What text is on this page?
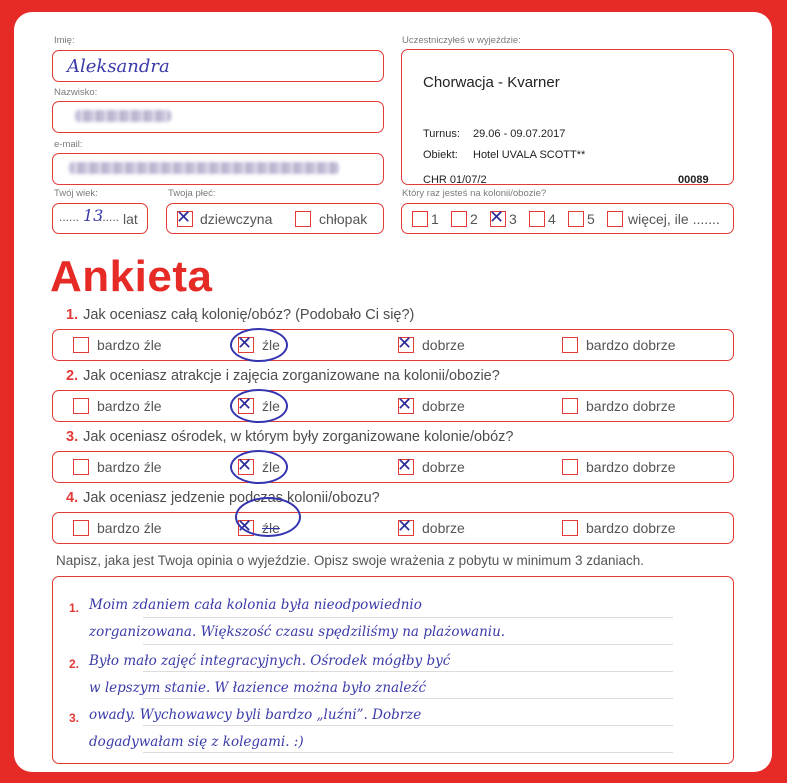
Imię:
Aleksandra
Nazwisko:
e-mail:
Uczestniczyłeś w wyjeździe:
Chorwacja - Kvarner
Turnus: 29.06 - 09.07.2017
Obiekt: Hotel UVALA SCOTT**
CHR 01/07/2	00089
Twój wiek:
...... 13
...... lat
Twoja płeć:
✕ dziewczyna	chłopak
Który raz jesteś na kolonii/obozie?
1 2 ✕ 3 4 5 więcej, ile .......
Ankieta
1. Jak oceniasz całą kolonię/obóz? (Podobało Ci się?)
bardzo źle	✕ źle	✕ dobrze	bardzo dobrze
2. Jak oceniasz atrakcje i zajęcia zorganizowane na kolonii/obozie?
bardzo źle	✕ źle	✕ dobrze	bardzo dobrze
3. Jak oceniasz ośrodek, w którym były zorganizowane kolonie/obóz?
bardzo źle	✕ źle	✕ dobrze	bardzo dobrze
4. Jak oceniasz jedzenie podczas kolonii/obozu?
bardzo źle	✕ źle	✕ dobrze	bardzo dobrze
Napisz, jaka jest Twoja opinia o wyjeździe. Opisz swoje wrażenia z pobytu w minimum 3 zdaniach.
1.
2.
3.
Moim zdaniem cała kolonia była nieodpowiednio
zorganizowana. Większość czasu spędziliśmy na plażowaniu.
Było mało zajęć integracyjnych. Ośrodek mógłby być
w lepszym stanie. W łazience można było znaleźć
owady. Wychowawcy byli bardzo „luźni”. Dobrze
dogadywałam się z kolegami. :)
